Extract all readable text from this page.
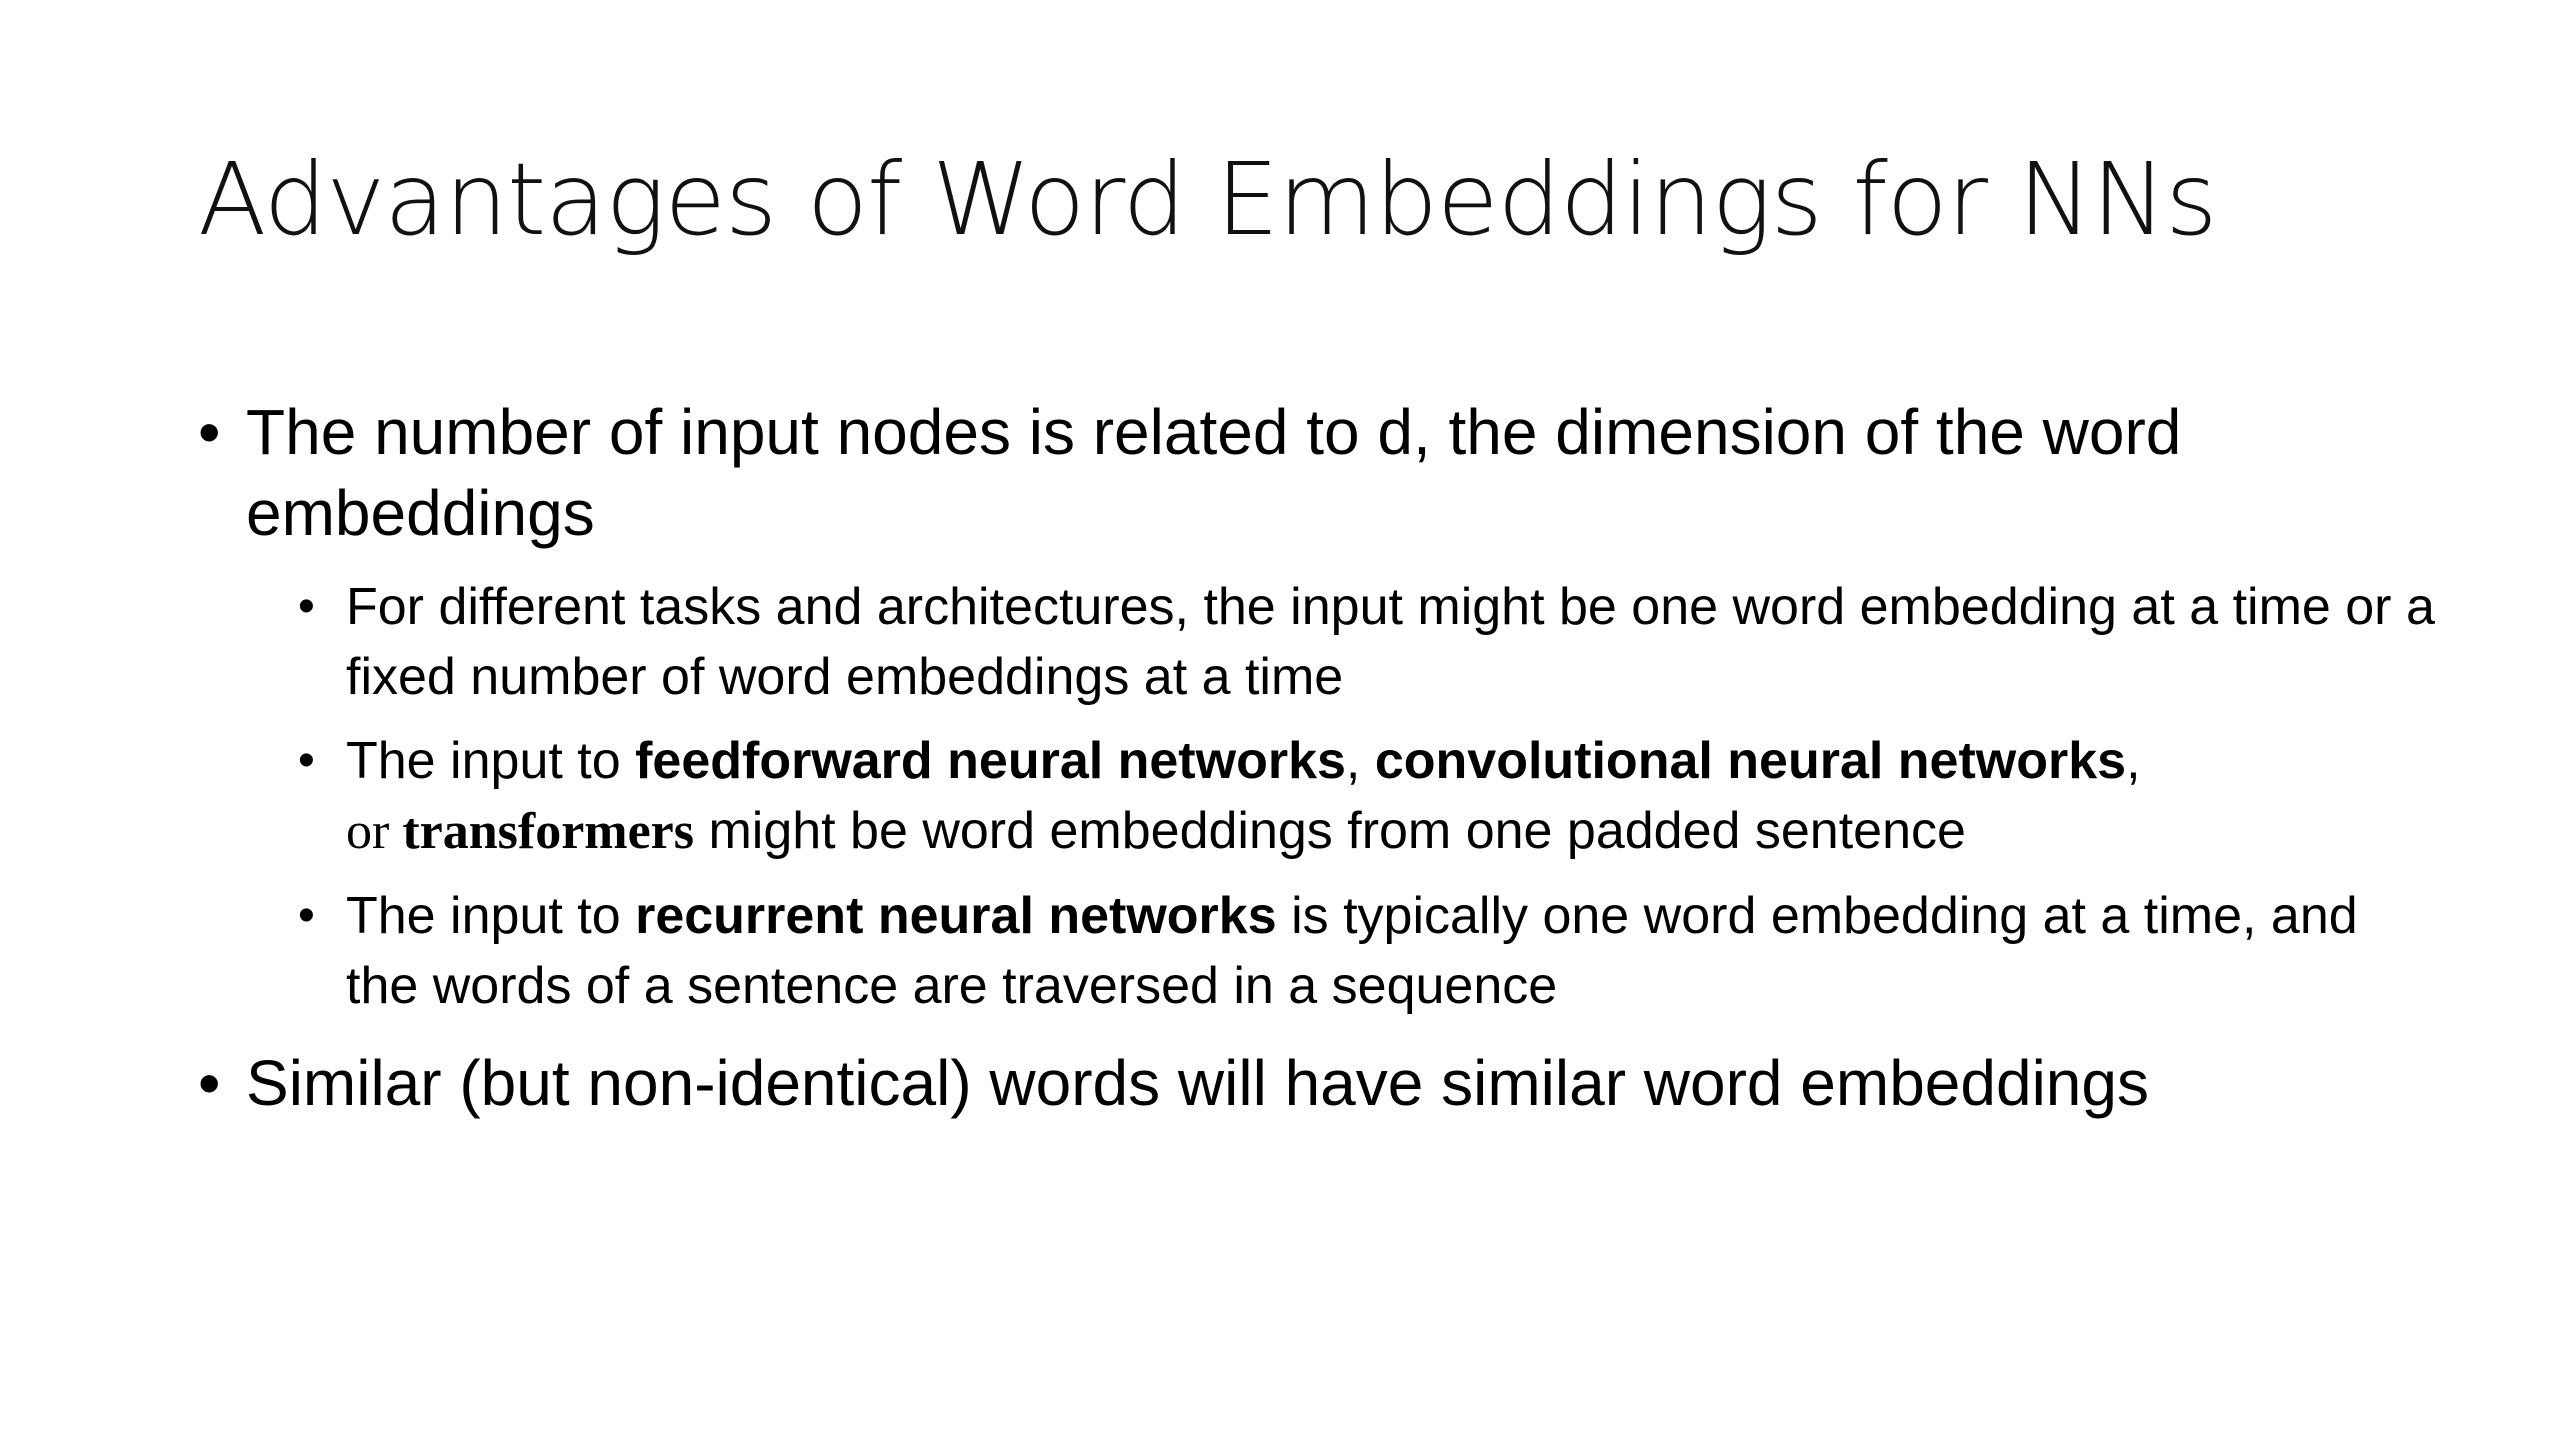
Advantages of Word Embeddings for NNs
• The number of input nodes is related to d, the dimension of the word embeddings
• For different tasks and architectures, the input might be one word embedding at a time or a fixed number of word embeddings at a time
• The input to feedforward neural networks, convolutional neural networks,
or transformers might be word embeddings from one padded sentence
• The input to recurrent neural networks is typically one word embedding at a time, and the words of a sentence are traversed in a sequence
• Similar (but non-identical) words will have similar word embeddings
